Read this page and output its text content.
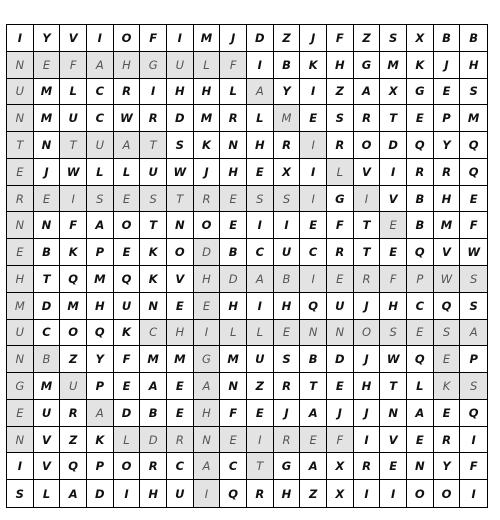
I	Y	V	I	O	F	I	M	J	D	Z	J	F	Z	S	X	B	B
N	E	F	A	H	G	U	L	F	I	B	K	H	G	M	K	J	H
U	M	L	C	R	I	H	H	L	A	Y	I	Z	A	X	G	E	S
N	M	U	C	W	R	D	M	R	L	M	E	S	R	T	E	P	M
T	N	T	U	A	T	S	K	N	H	R	I	R	O	D	Q	Y	Q
E	J	W	L	L	U	W	J	H	E	X	I	L	V	I	R	R	Q
R	E	I	S	E	S	T	R	E	S	S	I	G	I	V	B	H	E
N	N	F	A	O	T	N	O	E	I	I	E	F	T	E	B	M	F
E	B	K	P	E	K	O	D	B	C	U	C	R	T	E	Q	V	W
H	T	Q	M	Q	K	V	H	D	A	B	I	E	R	F	P	W	S
M	D	M	H	U	N	E	E	H	I	H	Q	U	J	H	C	Q	S
U	C	O	Q	K	C	H	I	L	L	E	N	N	O	S	E	S	A
N	B	Z	Y	F	M	M	G	M	U	S	B	D	J	W	Q	E	P
G	M	U	P	E	A	E	A	N	Z	R	T	E	H	T	L	K	S
E	U	R	A	D	B	E	H	F	E	J	A	J	J	N	A	E	Q
N	V	Z	K	L	D	R	N	E	I	R	E	F	I	V	E	R	I
I	V	Q	P	O	R	C	A	C	T	G	A	X	R	E	N	Y	F
S	L	A	D	I	H	U	I	Q	R	H	Z	X	I	I	O	O	I
